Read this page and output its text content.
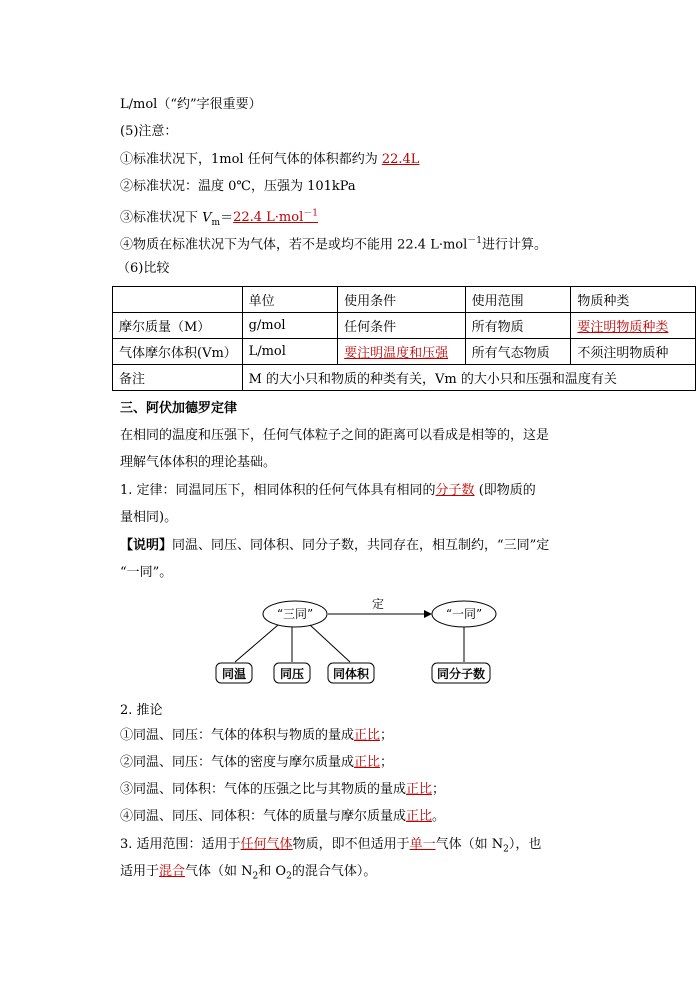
L/mol（“约”字很重要）
(5)注意：
①标准状况下，1mol 任何气体的体积都约为 22.4L
②标准状况：温度 0℃，压强为 101kPa
③标准状况下 $V_m=22.4$ L·mol$^{-1}$
④物质在标准状况下为气体，若不是或均不能用 22.4 L·mol$^{-1}$进行计算。
（6)比较
	单位	使用条件	使用范围	物质种类
摩尔质量（M）	g/mol	任何条件	所有物质	要注明物质种类
气体摩尔体积(Vm）	L/mol	要注明温度和压强	所有气态物质	不须注明物质种
备注	M 的大小只和物质的种类有关，Vm 的大小只和压强和温度有关			
三、阿伏加德罗定律
在相同的温度和压强下，任何气体粒子之间的距离可以看成是相等的，这是
理解气体体积的理论基础。
1. 定律：同温同压下，相同体积的任何气体具有相同的分子数 (即物质的
量相同)。
【说明】同温、同压、同体积、同分子数，共同存在，相互制约，“三同”定
“一同”。
“三同”	“一同”
定
同温	同压 同体积	同分子数
2. 推论
①同温、同压：气体的体积与物质的量成正比；
②同温、同压：气体的密度与摩尔质量成正比；
③同温、同体积：气体的压强之比与其物质的量成正比；
④同温、同压、同体积：气体的质量与摩尔质量成正比。
3. 适用范围：适用于任何气体物质，即不但适用于单一气体（如 $N_2$），也
适用于混合气体（如 $N_2$和 $O_2$的混合气体）。
